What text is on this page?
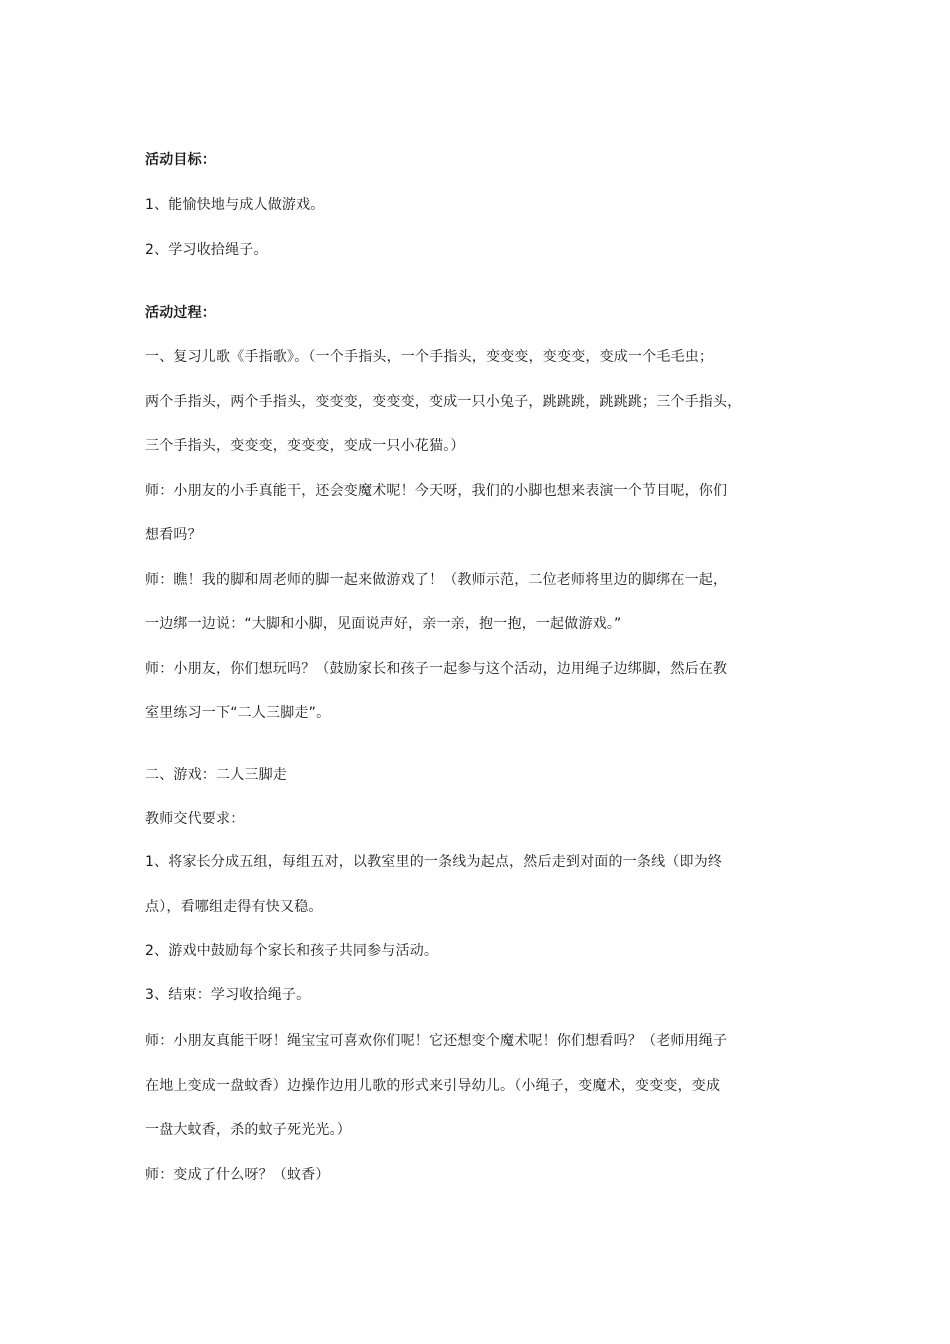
活动目标：
1、能愉快地与成人做游戏。
2、学习收拾绳子。
活动过程：
一、复习儿歌《手指歌》。（一个手指头，一个手指头，变变变，变变变，变成一个毛毛虫；
两个手指头，两个手指头，变变变，变变变，变成一只小兔子，跳跳跳，跳跳跳；三个手指头，
三个手指头，变变变，变变变，变成一只小花猫。）
师：小朋友的小手真能干，还会变魔术呢！今天呀，我们的小脚也想来表演一个节目呢，你们
想看吗？
师：瞧！我的脚和周老师的脚一起来做游戏了！（教师示范，二位老师将里边的脚绑在一起，
一边绑一边说：“大脚和小脚，见面说声好，亲一亲，抱一抱，一起做游戏。”
师：小朋友，你们想玩吗？（鼓励家长和孩子一起参与这个活动，边用绳子边绑脚，然后在教
室里练习一下“二人三脚走”。
二、游戏：二人三脚走
教师交代要求：
1、将家长分成五组，每组五对，以教室里的一条线为起点，然后走到对面的一条线（即为终
点），看哪组走得有快又稳。
2、游戏中鼓励每个家长和孩子共同参与活动。
3、结束：学习收拾绳子。
师：小朋友真能干呀！绳宝宝可喜欢你们呢！它还想变个魔术呢！你们想看吗？（老师用绳子
在地上变成一盘蚊香）边操作边用儿歌的形式来引导幼儿。（小绳子，变魔术，变变变，变成
一盘大蚊香，杀的蚊子死光光。）
师：变成了什么呀？（蚊香）
